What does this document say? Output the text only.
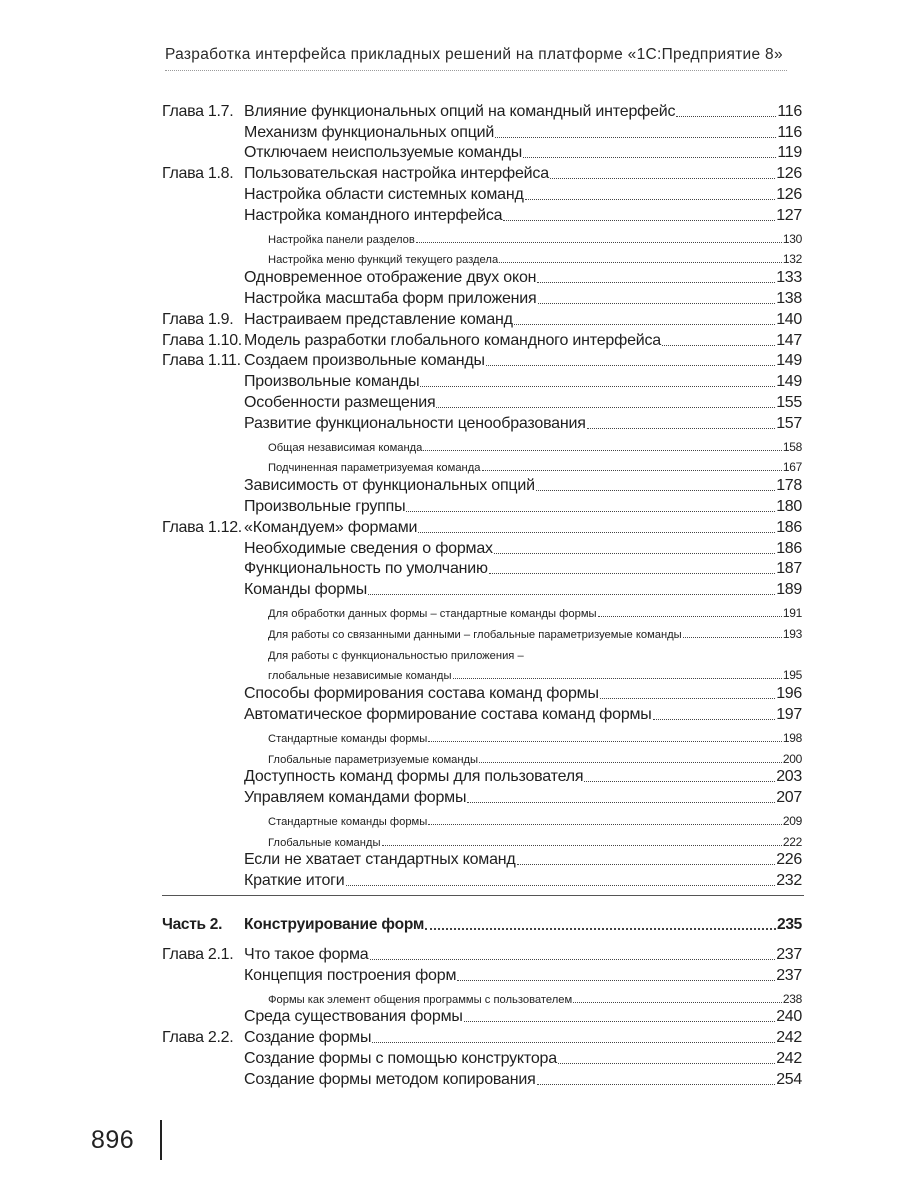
Разработка интерфейса прикладных решений на платформе «1С:Предприятие 8»
Глава 1.7. Влияние функциональных опций на командный интерфейс	116
Механизм функциональных опций	116
Отключаем неиспользуемые команды	119
Глава 1.8. Пользовательская настройка интерфейса	126
Настройка области системных команд	126
Настройка командного интерфейса	127
Настройка панели разделов	130
Настройка меню функций текущего раздела	132
Одновременное отображение двух окон	133
Настройка масштаба форм приложения	138
Глава 1.9. Настраиваем представление команд	140
Глава 1.10. Модель разработки глобального командного интерфейса	147
Глава 1.11. Создаем произвольные команды	149
Произвольные команды	149
Особенности размещения	155
Развитие функциональности ценообразования	157
Общая независимая команда	158
Подчиненная параметризуемая команда	167
Зависимость от функциональных опций	178
Произвольные группы	180
Глава 1.12. «Командуем» формами	186
Необходимые сведения о формах	186
Функциональность по умолчанию	187
Команды формы	189
Для обработки данных формы – стандартные команды формы	191
Для работы со связанными данными – глобальные параметризуемые команды	193
Для работы с функциональностью приложения –
глобальные независимые команды	195
Способы формирования состава команд формы	196
Автоматическое формирование состава команд формы	197
Стандартные команды формы	198
Глобальные параметризуемые команды	200
Доступность команд формы для пользователя	203
Управляем командами формы	207
Стандартные команды формы	209
Глобальные команды	222
Если не хватает стандартных команд	226
Краткие итоги	232
Часть 2.	Конструирование форм	235
Глава 2.1. Что такое форма	237
Концепция построения форм	237
Формы как элемент общения программы с пользователем	238
Среда существования формы	240
Глава 2.2. Создание формы	242
Создание формы с помощью конструктора	242
Создание формы методом копирования	254
896
